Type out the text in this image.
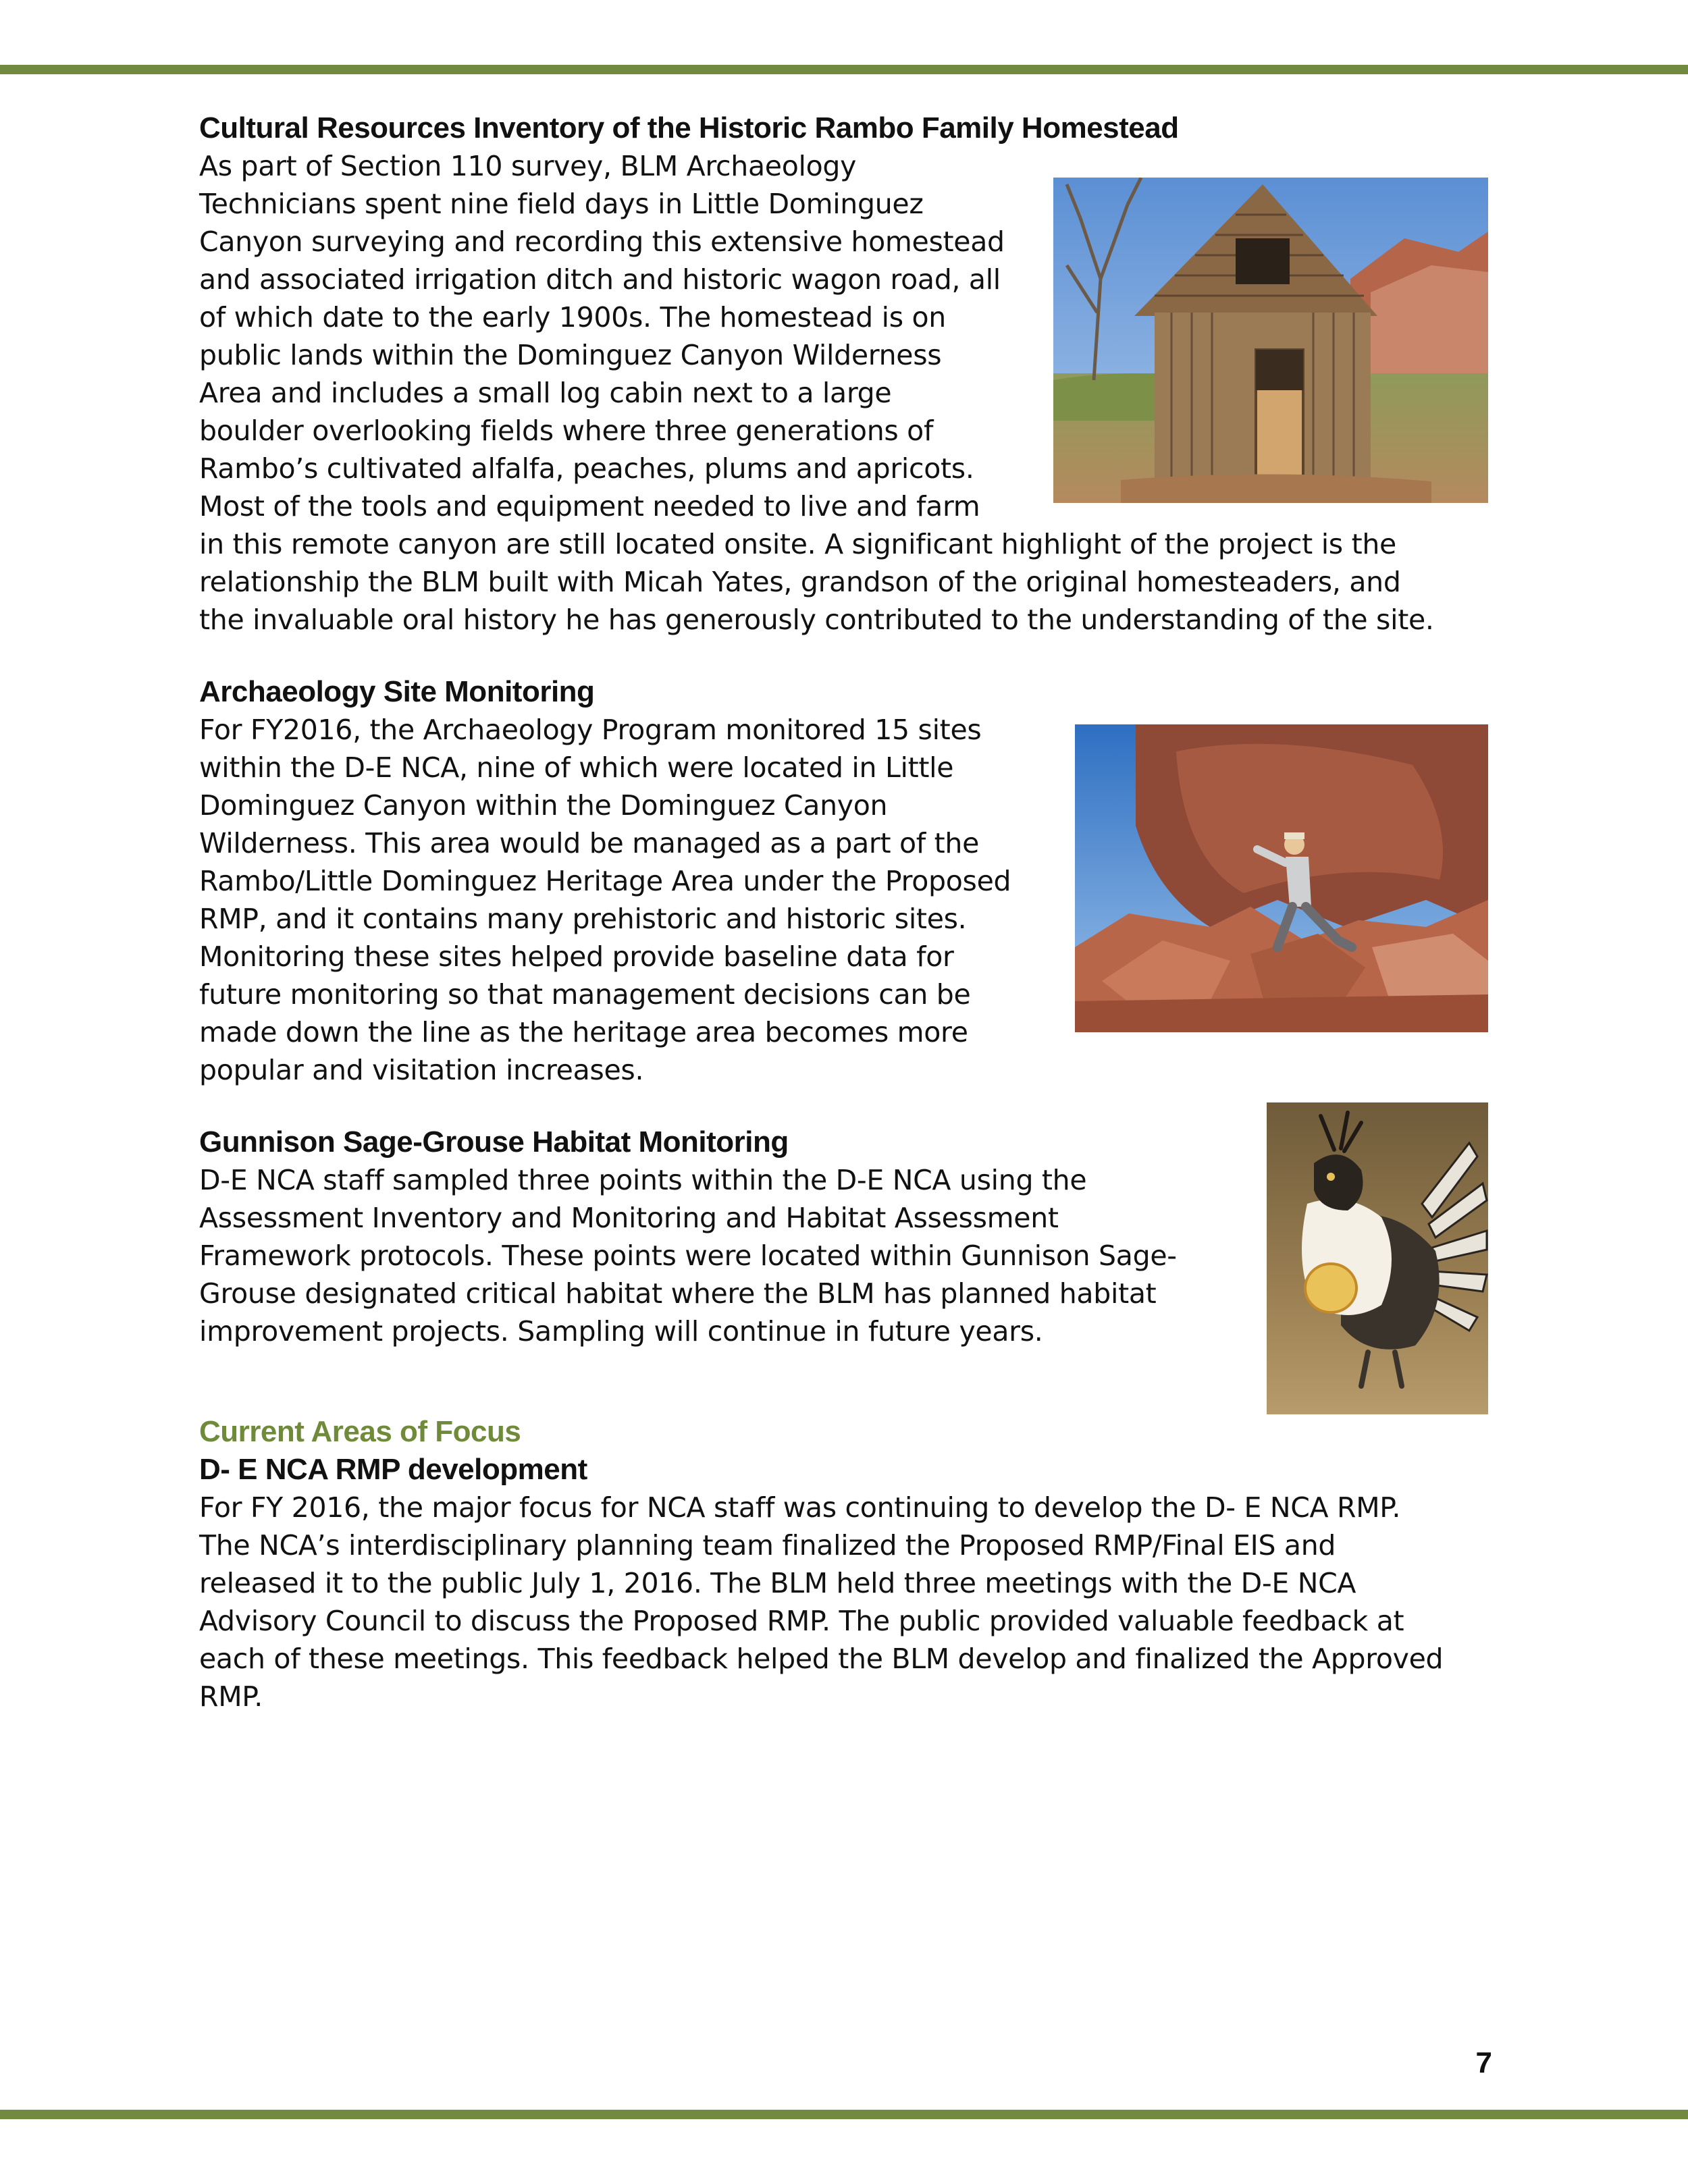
Cultural Resources Inventory of the Historic Rambo Family Homestead
As part of Section 110 survey, BLM Archaeology
Technicians spent nine field days in Little Dominguez
Canyon surveying and recording this extensive homestead
and associated irrigation ditch and historic wagon road, all
of which date to the early 1900s. The homestead is on
public lands within the Dominguez Canyon Wilderness
Area and includes a small log cabin next to a large
boulder overlooking fields where three generations of
Rambo’s cultivated alfalfa, peaches, plums and apricots.
Most of the tools and equipment needed to live and farm
in this remote canyon are still located onsite. A significant highlight of the project is the
relationship the BLM built with Micah Yates, grandson of the original homesteaders, and
the invaluable oral history he has generously contributed to the understanding of the site.
Archaeology Site Monitoring
For FY2016, the Archaeology Program monitored 15 sites
within the D-E NCA, nine of which were located in Little
Dominguez Canyon within the Dominguez Canyon
Wilderness. This area would be managed as a part of the
Rambo/Little Dominguez Heritage Area under the Proposed
RMP, and it contains many prehistoric and historic sites.
Monitoring these sites helped provide baseline data for
future monitoring so that management decisions can be
made down the line as the heritage area becomes more
popular and visitation increases.
Gunnison Sage-Grouse Habitat Monitoring
D-E NCA staff sampled three points within the D-E NCA using the
Assessment Inventory and Monitoring and Habitat Assessment
Framework protocols. These points were located within Gunnison Sage-
Grouse designated critical habitat where the BLM has planned habitat
improvement projects. Sampling will continue in future years.
Current Areas of Focus
D- E NCA RMP development
For FY 2016, the major focus for NCA staff was continuing to develop the D- E NCA RMP.
The NCA’s interdisciplinary planning team finalized the Proposed RMP/Final EIS and
released it to the public July 1, 2016. The BLM held three meetings with the D-E NCA
Advisory Council to discuss the Proposed RMP. The public provided valuable feedback at
each of these meetings. This feedback helped the BLM develop and finalized the Approved
RMP.
7
